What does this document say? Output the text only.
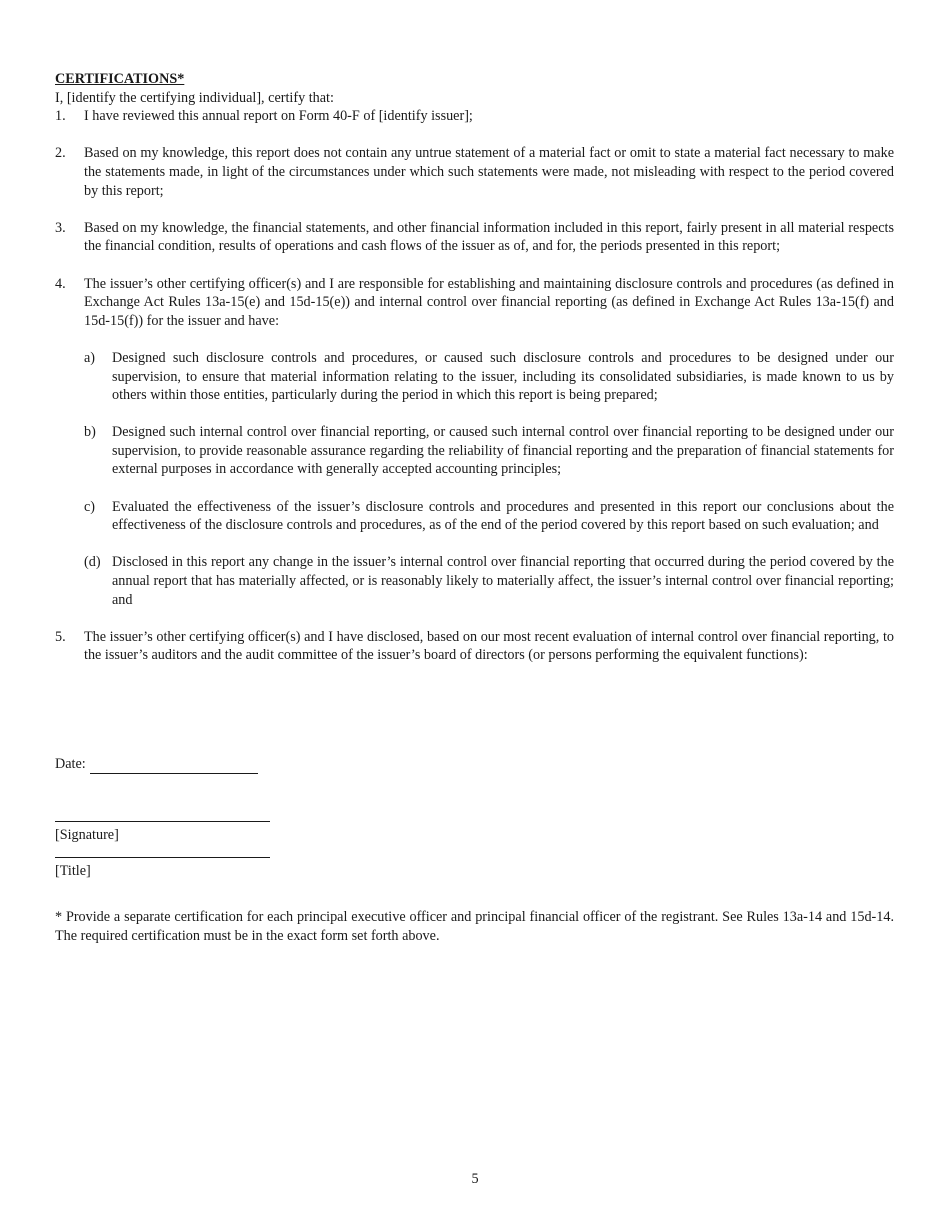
CERTIFICATIONS*

I, [identify the certifying individual], certify that:

1.	I have reviewed this annual report on Form 40-F of [identify issuer];
2.	Based on my knowledge, this report does not contain any untrue statement of a material fact or omit to state a material fact necessary to make the statements made, in light of the circumstances under which such statements were made, not misleading with respect to the period covered by this report;
3.	Based on my knowledge, the financial statements, and other financial information included in this report, fairly present in all material respects the financial condition, results of operations and cash flows of the issuer as of, and for, the periods presented in this report;
4.	The issuer’s other certifying officer(s) and I are responsible for establishing and maintaining disclosure controls and procedures (as defined in Exchange Act Rules 13a-15(e) and 15d-15(e)) and internal control over financial reporting (as defined in Exchange Act Rules 13a-15(f) and 15d-15(f)) for the issuer and have:
a)	Designed such disclosure controls and procedures, or caused such disclosure controls and procedures to be designed under our supervision, to ensure that material information relating to the issuer, including its consolidated subsidiaries, is made known to us by others within those entities, particularly during the period in which this report is being prepared;
b)	Designed such internal control over financial reporting, or caused such internal control over financial reporting to be designed under our supervision, to provide reasonable assurance regarding the reliability of financial reporting and the preparation of financial statements for external purposes in accordance with generally accepted accounting principles;
c)	Evaluated the effectiveness of the issuer’s disclosure controls and procedures and presented in this report our conclusions about the effectiveness of the disclosure controls and procedures, as of the end of the period covered by this report based on such evaluation; and
(d) Disclosed in this report any change in the issuer’s internal control over financial reporting that occurred during the period covered by the annual report that has materially affected, or is reasonably likely to materially affect, the issuer’s internal control over financial reporting; and
5.	The issuer’s other certifying officer(s) and I have disclosed, based on our most recent evaluation of internal control over financial reporting, to the issuer’s auditors and the audit committee of the issuer’s board of directors (or persons performing the equivalent functions):
Date:
[Signature]
[Title]
* Provide a separate certification for each principal executive officer and principal financial officer of the registrant. See Rules 13a-14 and 15d-14. The required certification must be in the exact form set forth above.
5
